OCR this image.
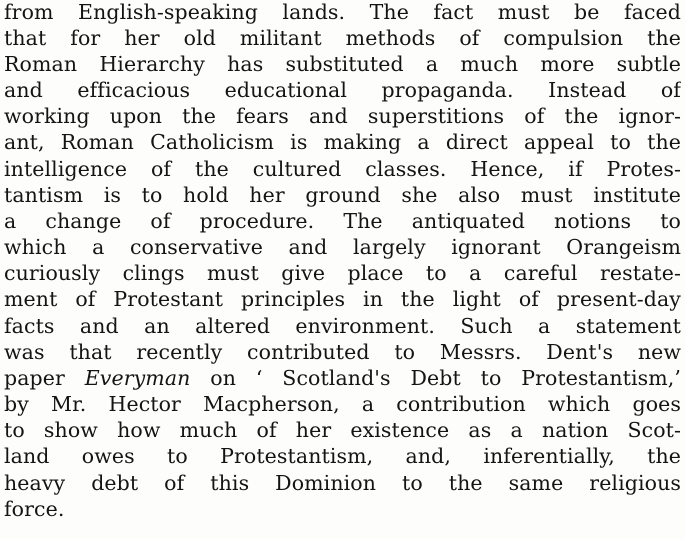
from English-speaking lands. The fact must be faced
that for her old militant methods of compulsion the
Roman Hierarchy has substituted a much more subtle
and efficacious educational propaganda. Instead of
working upon the fears and superstitions of the ignor-
ant, Roman Catholicism is making a direct appeal to the
intelligence of the cultured classes. Hence, if Protes-
tantism is to hold her ground she also must institute
a change of procedure. The antiquated notions to
which a conservative and largely ignorant Orangeism
curiously clings must give place to a careful restate-
ment of Protestant principles in the light of present-day
facts and an altered environment. Such a statement
was that recently contributed to Messrs. Dent's new
paper Everyman on ‘ Scotland's Debt to Protestantism,’
by Mr. Hector Macpherson, a contribution which goes
to show how much of her existence as a nation Scot-
land owes to Protestantism, and, inferentially, the
heavy debt of this Dominion to the same religious
force.
